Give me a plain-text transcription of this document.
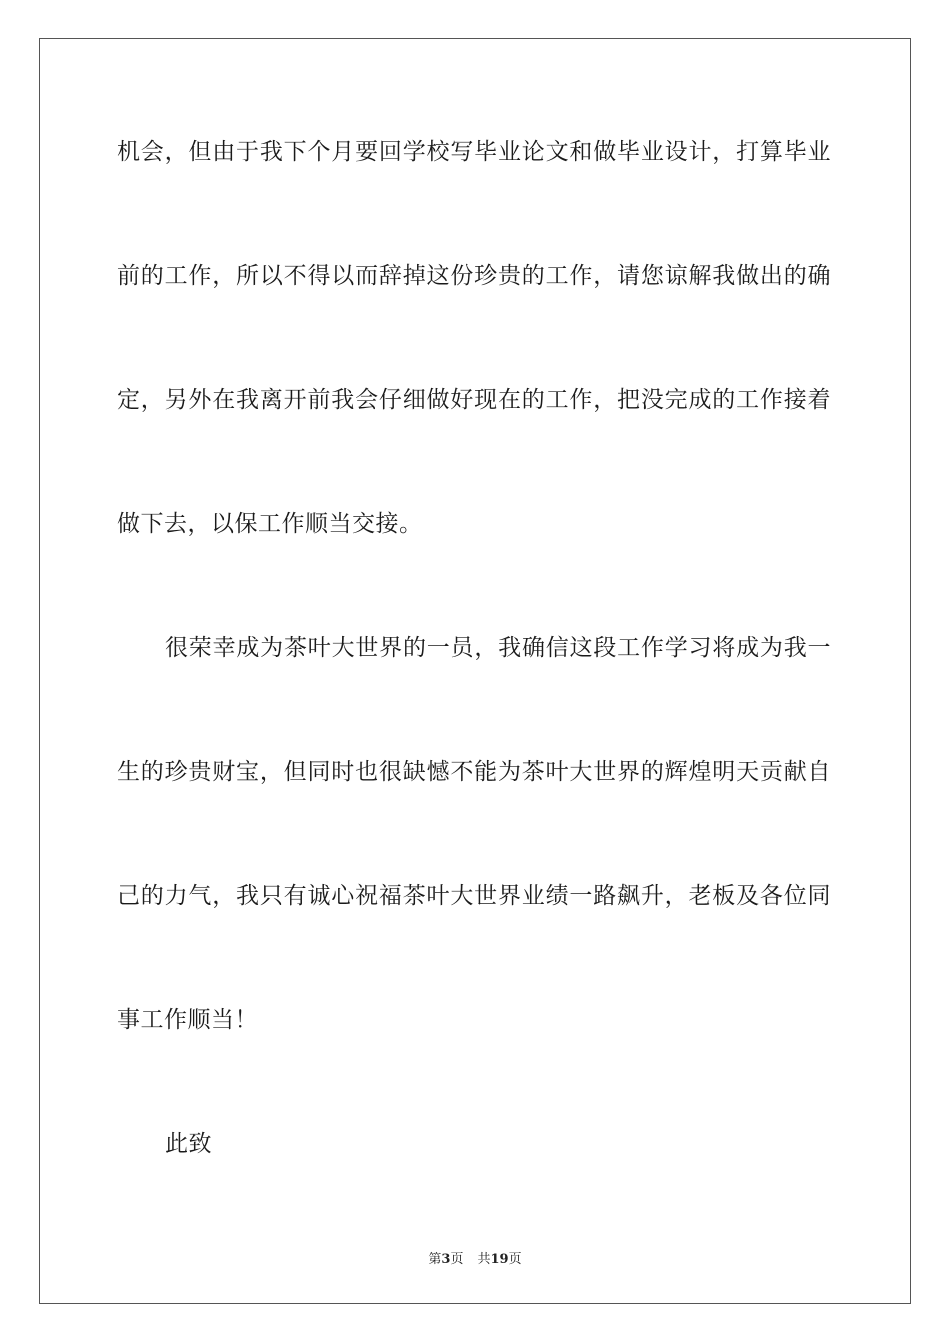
机会，但由于我下个月要回学校写毕业论文和做毕业设计，打算毕业
前的工作，所以不得以而辞掉这份珍贵的工作，请您谅解我做出的确
定，另外在我离开前我会仔细做好现在的工作，把没完成的工作接着
做下去，以保工作顺当交接。
很荣幸成为茶叶大世界的一员，我确信这段工作学习将成为我一
生的珍贵财宝，但同时也很缺憾不能为茶叶大世界的辉煌明天贡献自
己的力气，我只有诚心祝福茶叶大世界业绩一路飙升，老板及各位同
事工作顺当！
此致
第3页 共19页
